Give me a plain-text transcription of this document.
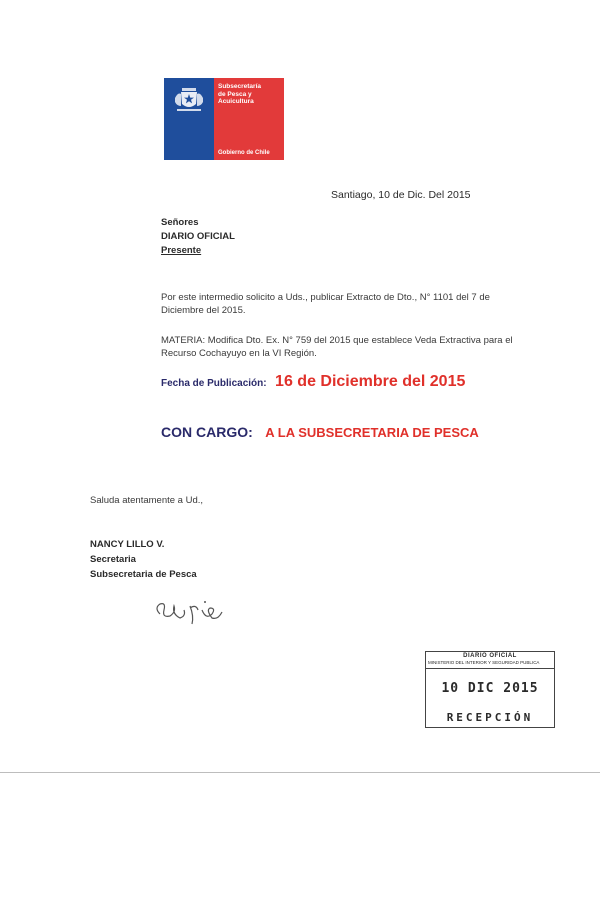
Subsecretaría
de Pesca y
Acuicultura
Gobierno de Chile
Santiago, 10 de Dic. Del 2015
Señores
DIARIO OFICIAL
Presente
Por este intermedio solicito a Uds., publicar Extracto de Dto., N° 1101 del 7 de Diciembre del 2015.
MATERIA: Modifica Dto. Ex. N° 759 del 2015 que establece Veda Extractiva para el Recurso Cochayuyo en la VI Región.
Fecha de Publicación: 16 de Diciembre del 2015
CON CARGO: A LA SUBSECRETARIA DE PESCA
Saluda atentamente a Ud.,
NANCY LILLO V.
Secretaria
Subsecretaria de Pesca
DIARIO OFICIAL
MINISTERIO DEL INTERIOR Y SEGURIDAD PUBLICA
10 DIC 2015
RECEPCIÓN
